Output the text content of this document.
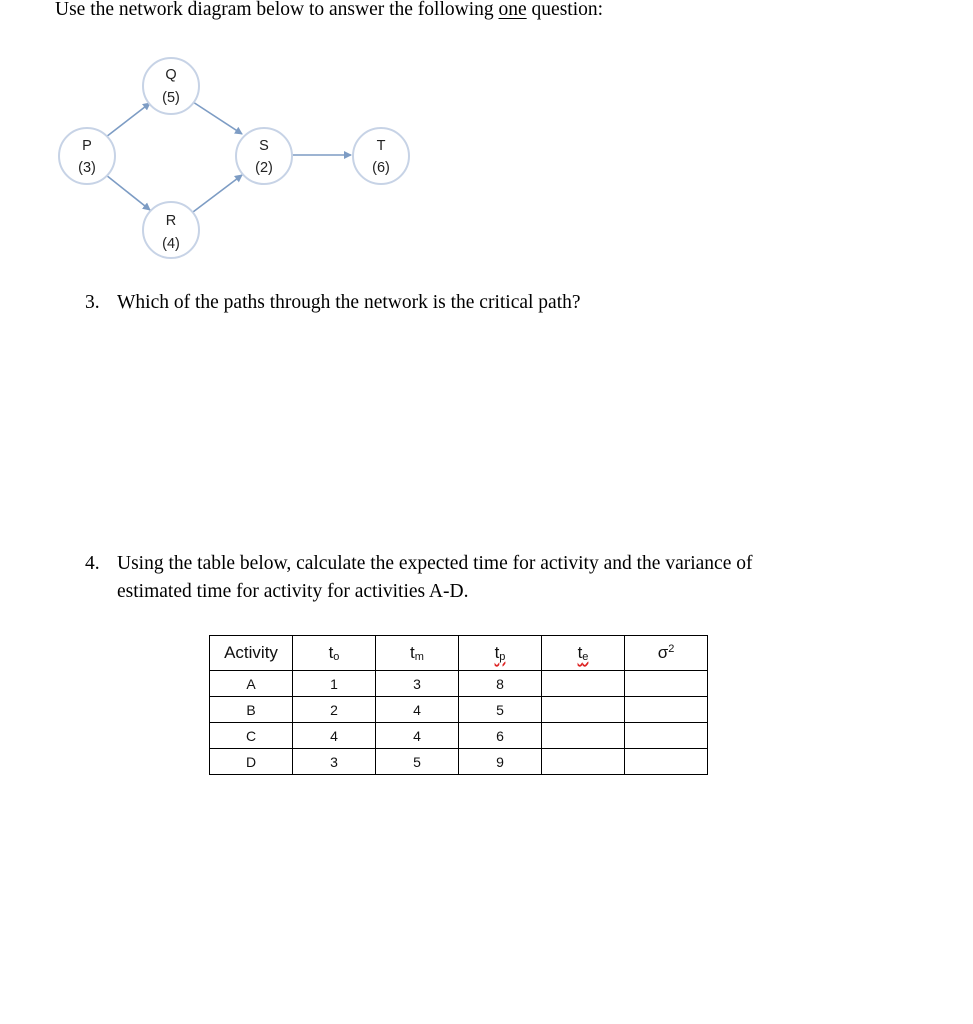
Use the network diagram below to answer the following one question:
P
(3)
Q
(5)
R
(4)
S
(2)
T
(6)
3. Which of the paths through the network is the critical path?
4. Using the table below, calculate the expected time for activity and the variance of estimated time for activity for activities A-D.
Activity	$t_o$	$t_m$	$t_p$	$t_e$	$\sigma^2$
A	1	3	8		
B	2	4	5		
C	4	4	6		
D	3	5	9		
